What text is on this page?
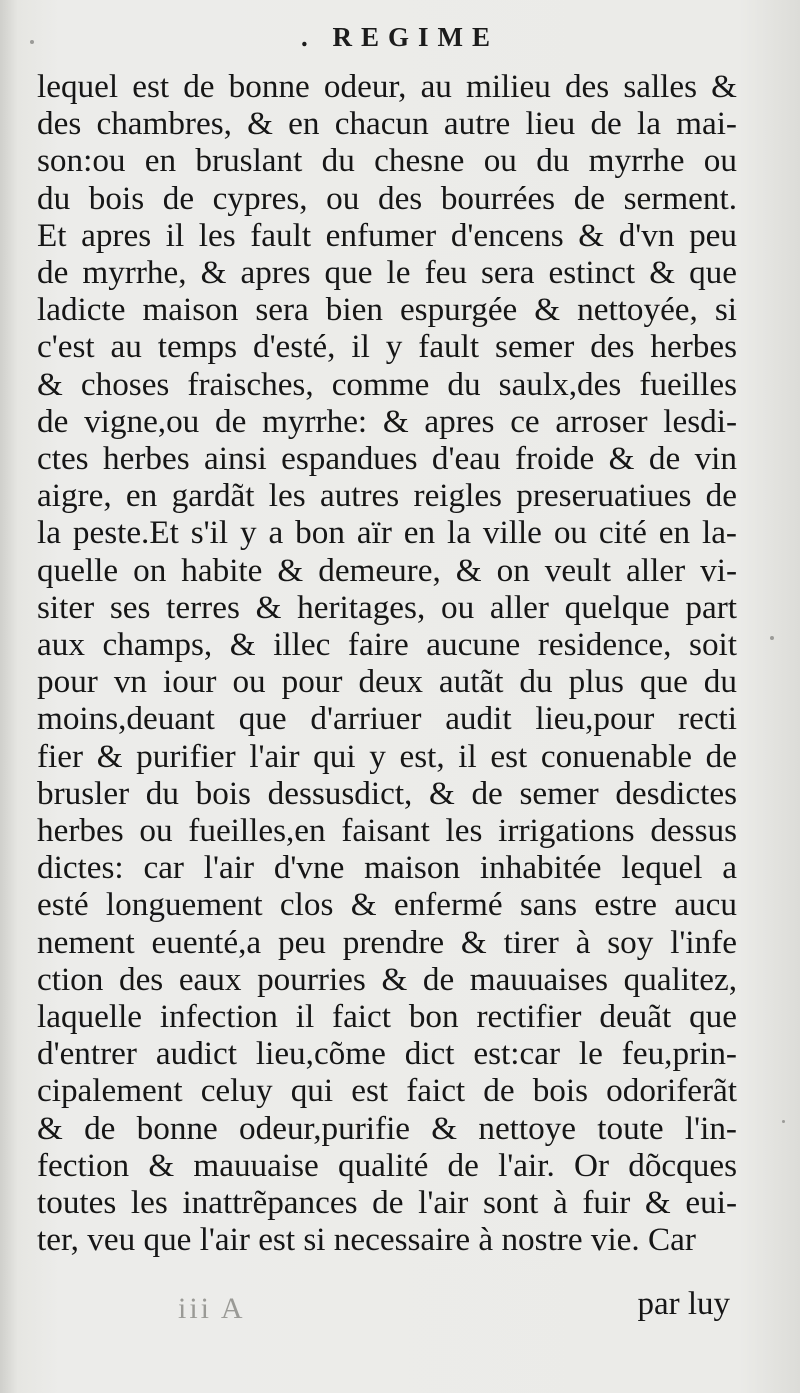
. REGIME
lequel est de bonne odeur, au milieu des salles &
des chambres, & en chacun autre lieu de la mai-
son:ou en bruslant du chesne ou du myrrhe ou
du bois de cypres, ou des bourrées de serment.
Et apres il les fault enfumer d'encens & d'vn peu
de myrrhe, & apres que le feu sera estinct & que
ladicte maison sera bien espurgée & nettoyée, si
c'est au temps d'esté, il y fault semer des herbes
& choses fraisches, comme du saulx,des fueilles
de vigne,ou de myrrhe: & apres ce arroser lesdi-
ctes herbes ainsi espandues d'eau froide & de vin
aigre, en gardãt les autres reigles preseruatiues de
la peste.Et s'il y a bon aïr en la ville ou cité en la-
quelle on habite & demeure, & on veult aller vi-
siter ses terres & heritages, ou aller quelque part
aux champs, & illec faire aucune residence, soit
pour vn iour ou pour deux autãt du plus que du
moins,deuant que d'arriuer audit lieu,pour recti
fier & purifier l'air qui y est, il est conuenable de
brusler du bois dessusdict, & de semer desdictes
herbes ou fueilles,en faisant les irrigations dessus
dictes: car l'air d'vne maison inhabitée lequel a
esté longuement clos & enfermé sans estre aucu
nement euenté,a peu prendre & tirer à soy l'infe
ction des eaux pourries & de mauuaises qualitez,
laquelle infection il faict bon rectifier deuãt que
d'entrer audict lieu,cõme dict est:car le feu,prin-
cipalement celuy qui est faict de bois odoriferãt
& de bonne odeur,purifie & nettoye toute l'in-
fection & mauuaise qualité de l'air. Or dõcques
toutes les inattrẽpances de l'air sont à fuir & eui-
ter, veu que l'air est si necessaire à nostre vie. Car
iii A	par luy
